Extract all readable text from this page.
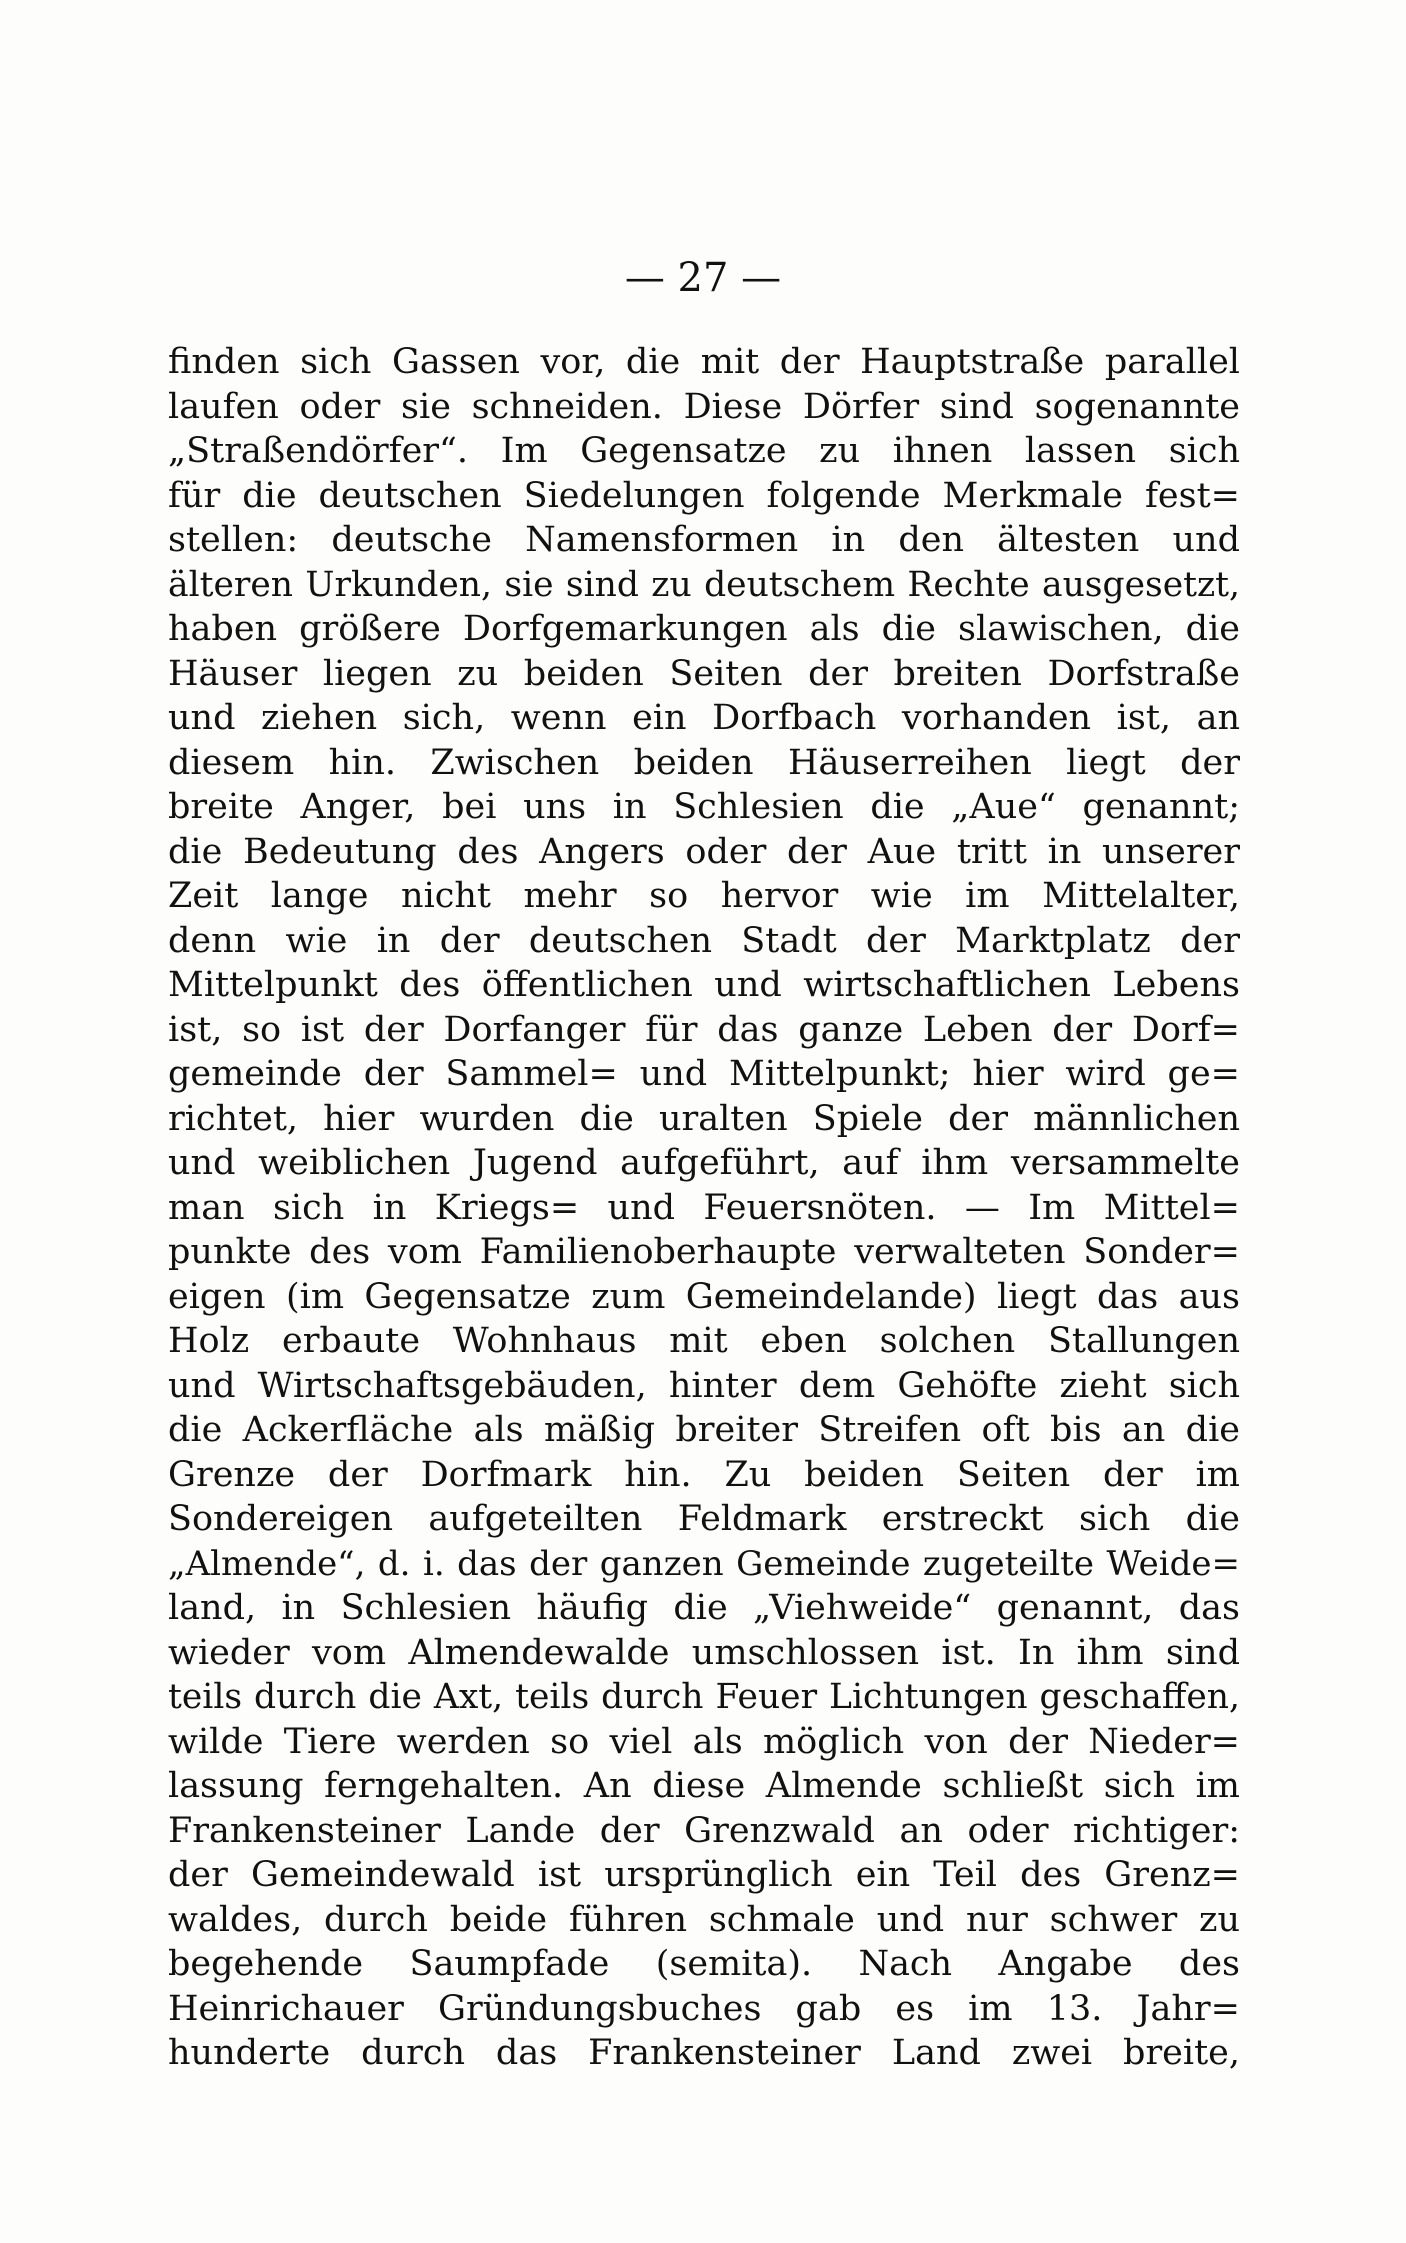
— 27 —
finden sich Gassen vor, die mit der Hauptstraße parallel
laufen oder sie schneiden. Diese Dörfer sind sogenannte
„Straßendörfer“. Im Gegensatze zu ihnen lassen sich
für die deutschen Siedelungen folgende Merkmale fest=
stellen: deutsche Namensformen in den ältesten und
älteren Urkunden, sie sind zu deutschem Rechte ausgesetzt,
haben größere Dorfgemarkungen als die slawischen, die
Häuser liegen zu beiden Seiten der breiten Dorfstraße
und ziehen sich, wenn ein Dorfbach vorhanden ist, an
diesem hin. Zwischen beiden Häuserreihen liegt der
breite Anger, bei uns in Schlesien die „Aue“ genannt;
die Bedeutung des Angers oder der Aue tritt in unserer
Zeit lange nicht mehr so hervor wie im Mittelalter,
denn wie in der deutschen Stadt der Marktplatz der
Mittelpunkt des öffentlichen und wirtschaftlichen Lebens
ist, so ist der Dorfanger für das ganze Leben der Dorf=
gemeinde der Sammel= und Mittelpunkt; hier wird ge=
richtet, hier wurden die uralten Spiele der männlichen
und weiblichen Jugend aufgeführt, auf ihm versammelte
man sich in Kriegs= und Feuersnöten. — Im Mittel=
punkte des vom Familienoberhaupte verwalteten Sonder=
eigen (im Gegensatze zum Gemeindelande) liegt das aus
Holz erbaute Wohnhaus mit eben solchen Stallungen
und Wirtschaftsgebäuden, hinter dem Gehöfte zieht sich
die Ackerfläche als mäßig breiter Streifen oft bis an die
Grenze der Dorfmark hin. Zu beiden Seiten der im
Sondereigen aufgeteilten Feldmark erstreckt sich die
„Almende“, d. i. das der ganzen Gemeinde zugeteilte Weide=
land, in Schlesien häufig die „Viehweide“ genannt, das
wieder vom Almendewalde umschlossen ist. In ihm sind
teils durch die Axt, teils durch Feuer Lichtungen geschaffen,
wilde Tiere werden so viel als möglich von der Nieder=
lassung ferngehalten. An diese Almende schließt sich im
Frankensteiner Lande der Grenzwald an oder richtiger:
der Gemeindewald ist ursprünglich ein Teil des Grenz=
waldes, durch beide führen schmale und nur schwer zu
begehende Saumpfade (semita). Nach Angabe des
Heinrichauer Gründungsbuches gab es im 13. Jahr=
hunderte durch das Frankensteiner Land zwei breite,
